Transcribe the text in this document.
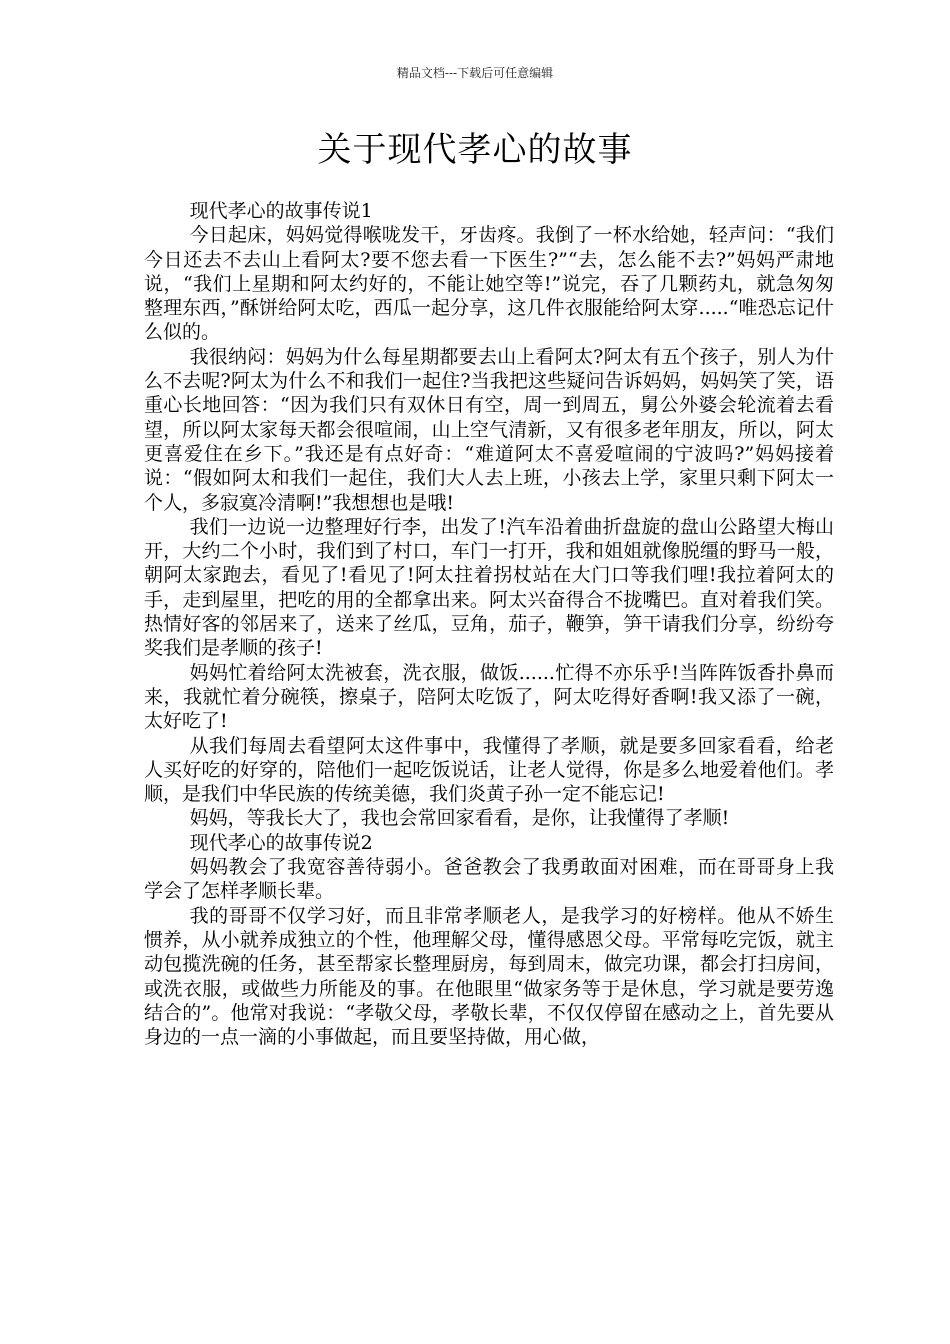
精品文档---下载后可任意编辑
关于现代孝心的故事

现代孝心的故事传说1

今日起床，妈妈觉得喉咙发干，牙齿疼。我倒了一杯水给她，轻声问：“我们今日还去不去山上看阿太?要不您去看一下医生?”“去，怎么能不去?”妈妈严肃地说，“我们上星期和阿太约好的，不能让她空等!”说完，吞了几颗药丸，就急匆匆整理东西，”酥饼给阿太吃，西瓜一起分享，这几件衣服能给阿太穿.....“唯恐忘记什么似的。

我很纳闷：妈妈为什么每星期都要去山上看阿太?阿太有五个孩子，别人为什么不去呢?阿太为什么不和我们一起住?当我把这些疑问告诉妈妈，妈妈笑了笑，语重心长地回答：“因为我们只有双休日有空，周一到周五，舅公外婆会轮流着去看望，所以阿太家每天都会很喧闹，山上空气清新，又有很多老年朋友，所以，阿太更喜爱住在乡下。”我还是有点好奇：“难道阿太不喜爱喧闹的宁波吗?”妈妈接着说：“假如阿太和我们一起住，我们大人去上班，小孩去上学，家里只剩下阿太一个人，多寂寞冷清啊!”我想想也是哦!

我们一边说一边整理好行李，出发了!汽车沿着曲折盘旋的盘山公路望大梅山开，大约二个小时，我们到了村口，车门一打开，我和姐姐就像脱缰的野马一般，朝阿太家跑去，看见了!看见了!阿太拄着拐杖站在大门口等我们哩!我拉着阿太的手，走到屋里，把吃的用的全都拿出来。阿太兴奋得合不拢嘴巴。直对着我们笑。热情好客的邻居来了，送来了丝瓜，豆角，茄子，鞭笋，笋干请我们分享，纷纷夸奖我们是孝顺的孩子!

妈妈忙着给阿太洗被套，洗衣服，做饭......忙得不亦乐乎!当阵阵饭香扑鼻而来，我就忙着分碗筷，擦桌子，陪阿太吃饭了，阿太吃得好香啊!我又添了一碗，太好吃了!

从我们每周去看望阿太这件事中，我懂得了孝顺，就是要多回家看看，给老人买好吃的好穿的，陪他们一起吃饭说话，让老人觉得，你是多么地爱着他们。孝顺，是我们中华民族的传统美德，我们炎黄子孙一定不能忘记!

妈妈，等我长大了，我也会常回家看看，是你，让我懂得了孝顺!

现代孝心的故事传说2

妈妈教会了我宽容善待弱小。爸爸教会了我勇敢面对困难，而在哥哥身上我学会了怎样孝顺长辈。

我的哥哥不仅学习好，而且非常孝顺老人，是我学习的好榜样。他从不娇生惯养，从小就养成独立的个性，他理解父母，懂得感恩父母。平常每吃完饭，就主动包揽洗碗的任务，甚至帮家长整理厨房，每到周末，做完功课，都会打扫房间，或洗衣服，或做些力所能及的事。在他眼里“做家务等于是休息，学习就是要劳逸结合的”。他常对我说：“孝敬父母，孝敬长辈，不仅仅停留在感动之上，首先要从身边的一点一滴的小事做起，而且要坚持做，用心做，
